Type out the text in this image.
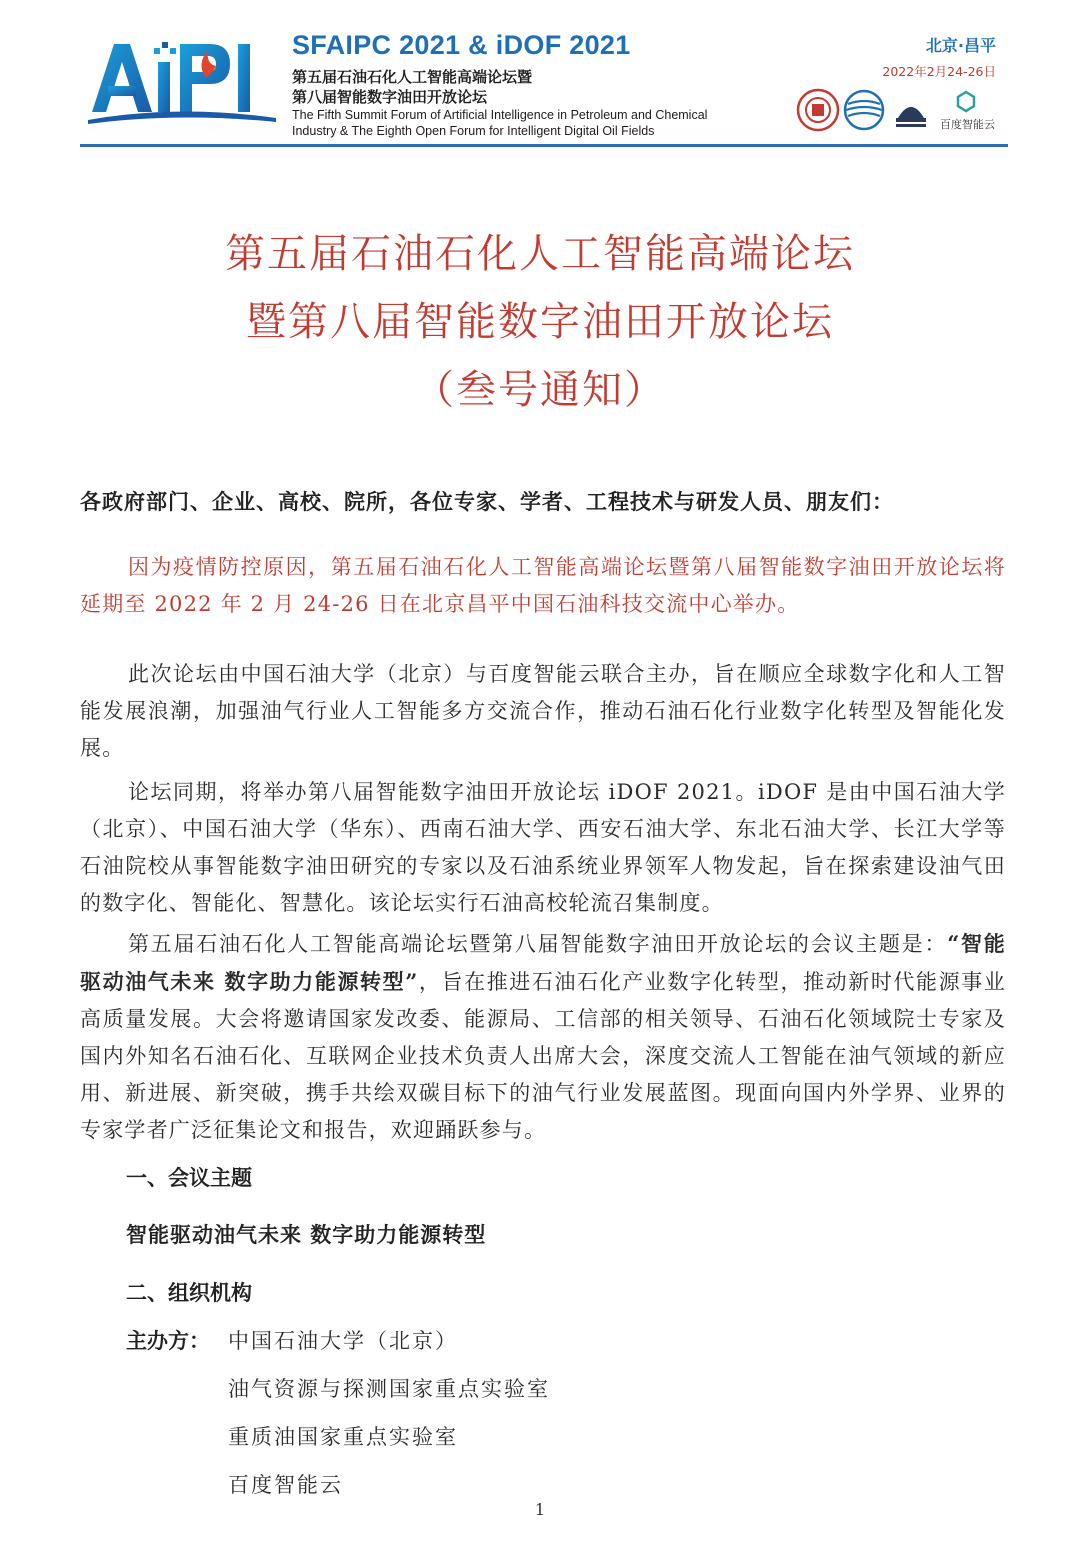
SFAIPC 2021 & iDOF 2021
第五届石油石化人工智能高端论坛暨
第八届智能数字油田开放论坛
The Fifth Summit Forum of Artificial Intelligence in Petroleum and Chemical
Industry & The Eighth Open Forum for Intelligent Digital Oil Fields
北京·昌平
2022年2月24-26日
百度智能云
第五届石油石化人工智能高端论坛
暨第八届智能数字油田开放论坛
（叁号通知）
各政府部门、企业、高校、院所，各位专家、学者、工程技术与研发人员、朋友们：
因为疫情防控原因，第五届石油石化人工智能高端论坛暨第八届智能数字油田开放论坛将延期至 2022 年 2 月 24-26 日在北京昌平中国石油科技交流中心举办。
此次论坛由中国石油大学（北京）与百度智能云联合主办，旨在顺应全球数字化和人工智能发展浪潮，加强油气行业人工智能多方交流合作，推动石油石化行业数字化转型及智能化发展。
论坛同期，将举办第八届智能数字油田开放论坛 iDOF 2021。iDOF 是由中国石油大学（北京）、中国石油大学（华东）、西南石油大学、西安石油大学、东北石油大学、长江大学等石油院校从事智能数字油田研究的专家以及石油系统业界领军人物发起，旨在探索建设油气田的数字化、智能化、智慧化。该论坛实行石油高校轮流召集制度。
第五届石油石化人工智能高端论坛暨第八届智能数字油田开放论坛的会议主题是：“智能驱动油气未来 数字助力能源转型”，旨在推进石油石化产业数字化转型，推动新时代能源事业高质量发展。大会将邀请国家发改委、能源局、工信部的相关领导、石油石化领域院士专家及国内外知名石油石化、互联网企业技术负责人出席大会，深度交流人工智能在油气领域的新应用、新进展、新突破，携手共绘双碳目标下的油气行业发展蓝图。现面向国内外学界、业界的专家学者广泛征集论文和报告，欢迎踊跃参与。
一、会议主题
智能驱动油气未来 数字助力能源转型
二、组织机构
主办方： 中国石油大学（北京）
油气资源与探测国家重点实验室
重质油国家重点实验室
百度智能云
1
